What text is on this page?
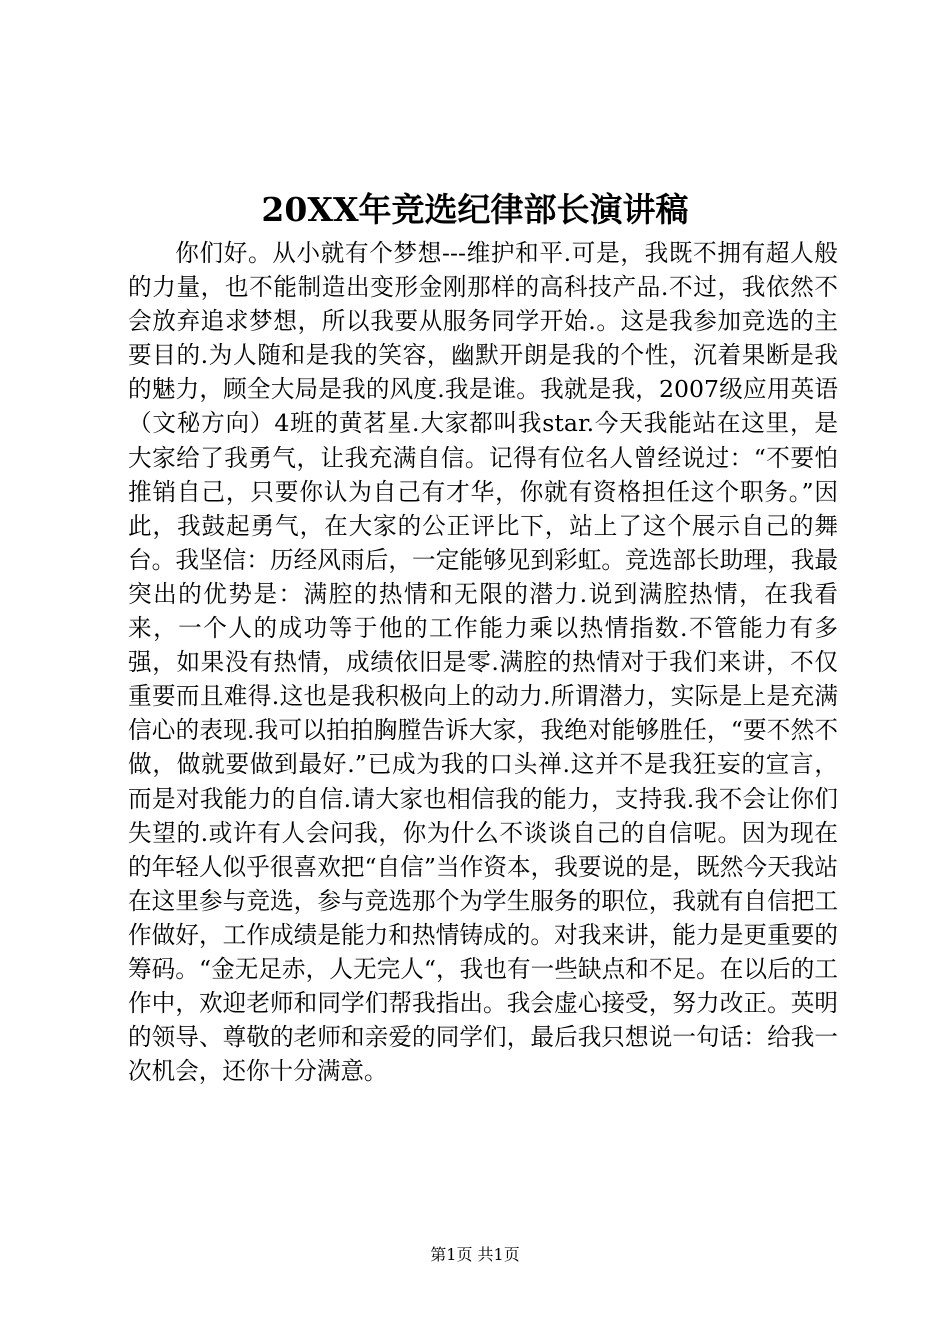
20XX年竞选纪律部长演讲稿

你们好。从小就有个梦想---维护和平.可是，我既不拥有超人般的力量，也不能制造出变形金刚那样的高科技产品.不过，我依然不会放弃追求梦想，所以我要从服务同学开始.。这是我参加竞选的主要目的.为人随和是我的笑容，幽默开朗是我的个性，沉着果断是我的魅力，顾全大局是我的风度.我是谁。我就是我，2007级应用英语（文秘方向）4班的黄茗星.大家都叫我star.今天我能站在这里，是大家给了我勇气，让我充满自信。记得有位名人曾经说过：“不要怕推销自己，只要你认为自己有才华，你就有资格担任这个职务。”因此，我鼓起勇气，在大家的公正评比下，站上了这个展示自己的舞台。我坚信：历经风雨后，一定能够见到彩虹。竞选部长助理，我最突出的优势是：满腔的热情和无限的潜力.说到满腔热情，在我看来，一个人的成功等于他的工作能力乘以热情指数.不管能力有多强，如果没有热情，成绩依旧是零.满腔的热情对于我们来讲，不仅重要而且难得.这也是我积极向上的动力.所谓潜力，实际是上是充满信心的表现.我可以拍拍胸膛告诉大家，我绝对能够胜任，“要不然不做，做就要做到最好.”已成为我的口头禅.这并不是我狂妄的宣言，而是对我能力的自信.请大家也相信我的能力，支持我.我不会让你们失望的.或许有人会问我，你为什么不谈谈自己的自信呢。因为现在的年轻人似乎很喜欢把“自信”当作资本，我要说的是，既然今天我站在这里参与竞选，参与竞选那个为学生服务的职位，我就有自信把工作做好，工作成绩是能力和热情铸成的。对我来讲，能力是更重要的筹码。“金无足赤，人无完人“，我也有一些缺点和不足。在以后的工作中，欢迎老师和同学们帮我指出。我会虚心接受，努力改正。英明的领导、尊敬的老师和亲爱的同学们，最后我只想说一句话：给我一次机会，还你十分满意。

第1页 共1页
